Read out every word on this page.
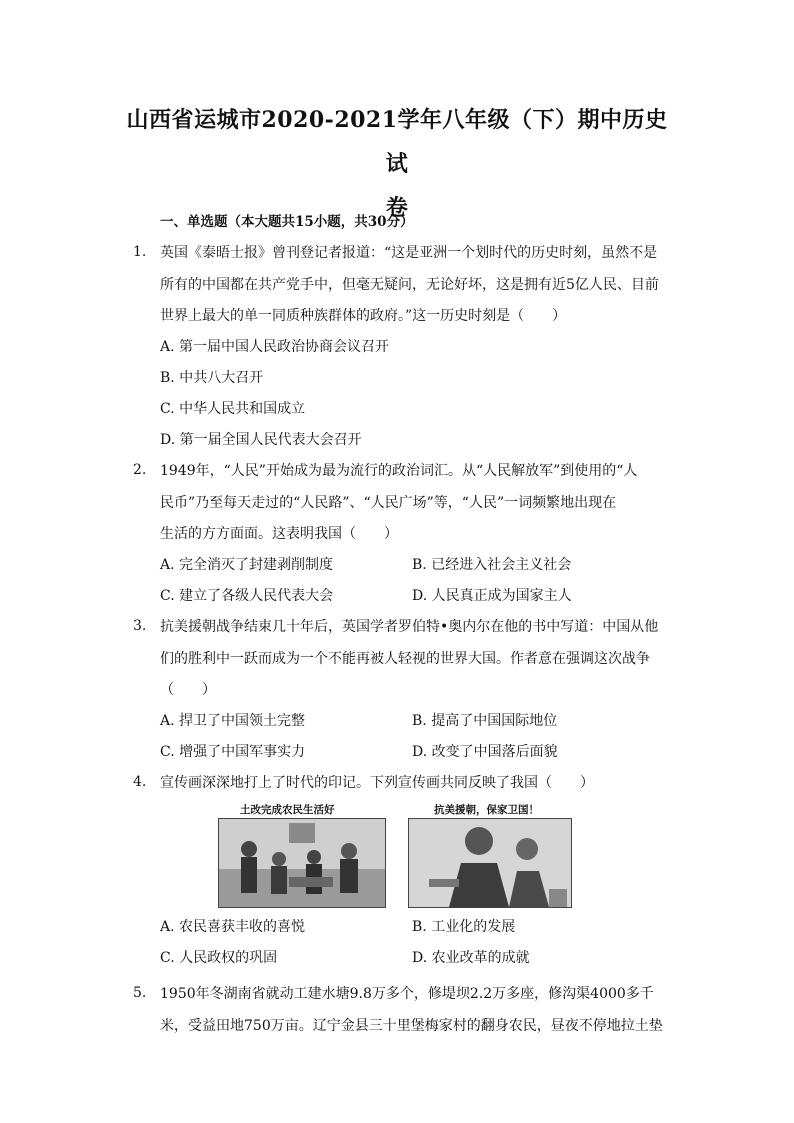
山西省运城市2020-2021学年八年级（下）期中历史试
卷
一、单选题（本大题共15小题，共30分）
1. 英国《泰晤士报》曾刊登记者报道：“这是亚洲一个划时代的历史时刻，虽然不是
所有的中国都在共产党手中，但毫无疑问，无论好坏，这是拥有近5亿人民、目前
世界上最大的单一同质种族群体的政府。”这一历史时刻是（　　）
A. 第一届中国人民政治协商会议召开
B. 中共八大召开
C. 中华人民共和国成立
D. 第一届全国人民代表大会召开
2. 1949年，“人民”开始成为最为流行的政治词汇。从“人民解放军”到使用的“人
民币”乃至每天走过的“人民路”、“人民广场”等，“人民”一词频繁地出现在
生活的方方面面。这表明我国（　　）
A. 完全消灭了封建剥削制度	B. 已经进入社会主义社会
C. 建立了各级人民代表大会	D. 人民真正成为国家主人
3. 抗美援朝战争结束几十年后，英国学者罗伯特•奥内尔在他的书中写道：中国从他
们的胜利中一跃而成为一个不能再被人轻视的世界大国。作者意在强调这次战争
（　　）
A. 捍卫了中国领土完整	B. 提高了中国国际地位
C. 增强了中国军事实力	D. 改变了中国落后面貌
4. 宣传画深深地打上了时代的印记。下列宣传画共同反映了我国（　　）
土改完成农民生活好	抗美援朝，保家卫国！
A. 农民喜获丰收的喜悦	B. 工业化的发展
C. 人民政权的巩固	D. 农业改革的成就
5. 1950年冬湖南省就动工建水塘9.8万多个，修堤坝2.2万多座，修沟渠4000多千
米，受益田地750万亩。辽宁金县三十里堡梅家村的翻身农民，昼夜不停地拉土垫
